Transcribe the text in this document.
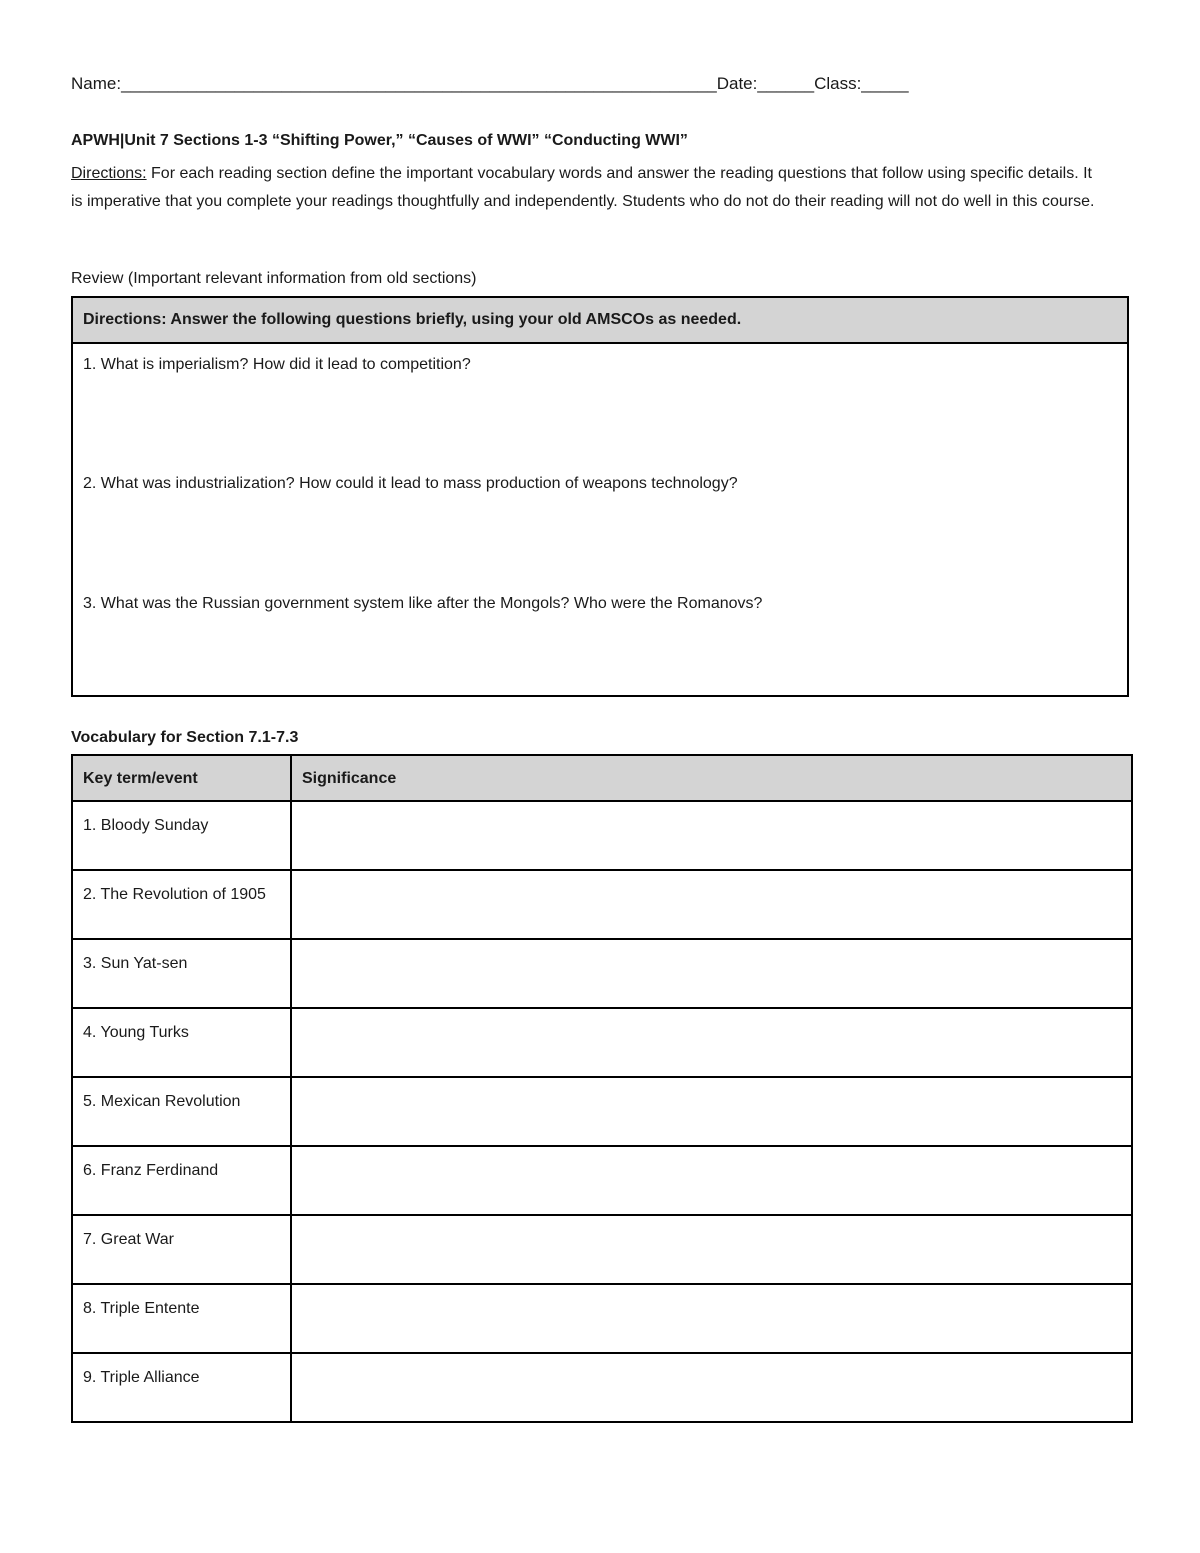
Name:_______________________________________________________________Date:______Class:_____
APWH|Unit 7 Sections 1-3 “Shifting Power,” “Causes of WWI” “Conducting WWI”
Directions: For each reading section define the important vocabulary words and answer the reading questions that follow using specific details. It is imperative that you complete your readings thoughtfully and independently. Students who do not do their reading will not do well in this course.
Review (Important relevant information from old sections)
Directions: Answer the following questions briefly, using your old AMSCOs as needed.
1. What is imperialism? How did it lead to competition?
2. What was industrialization? How could it lead to mass production of weapons technology?
3. What was the Russian government system like after the Mongols? Who were the Romanovs?
Vocabulary for Section 7.1-7.3
Key term/event	Significance
1. Bloody Sunday	
2. The Revolution of 1905	
3. Sun Yat-sen	
4. Young Turks	
5. Mexican Revolution	
6. Franz Ferdinand	
7. Great War	
8. Triple Entente	
9. Triple Alliance	
